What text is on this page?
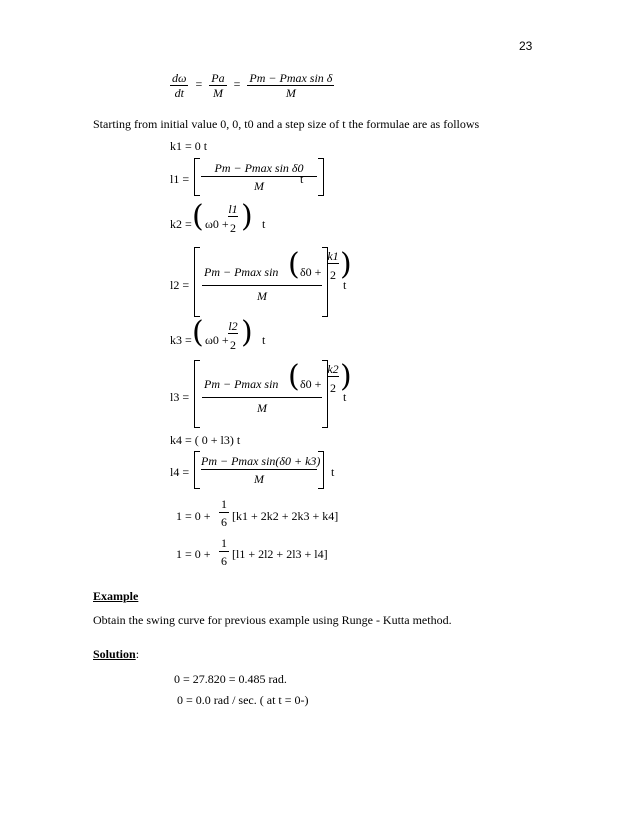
23
$\frac{d\omega}{dt} = \frac{Pa}{M} = \frac{\text{Pm − Pmax sin δ}}{M}$
Starting from initial value 0, 0, t0 and a step size of t the formulae are as follows
k1 = 0 t
l1 =
Pm − Pmax sin δ0
M	t
k2 = ( ω0 +
l1
2 ) t
l2 =
Pm − Pmax sin ( δ0 +
k1
2 )
M
t
k3 = ( ω0 +
l2
2 ) t
l3 =
Pm − Pmax sin ( δ0 +
k2
2 )
M
t
k4 = ( 0 + l3) t
l4 =
Pm − Pmax sin(δ0 + k3)
M	t
1 = 0 +
1
6 [k1 + 2k2 + 2k3 + k4]
1 = 0 +
1
6 [l1 + 2l2 + 2l3 + l4]
Example
Obtain the swing curve for previous example using Runge - Kutta method.
Solution:
0 = 27.820 = 0.485 rad.
0 = 0.0 rad / sec. ( at t = 0-)
